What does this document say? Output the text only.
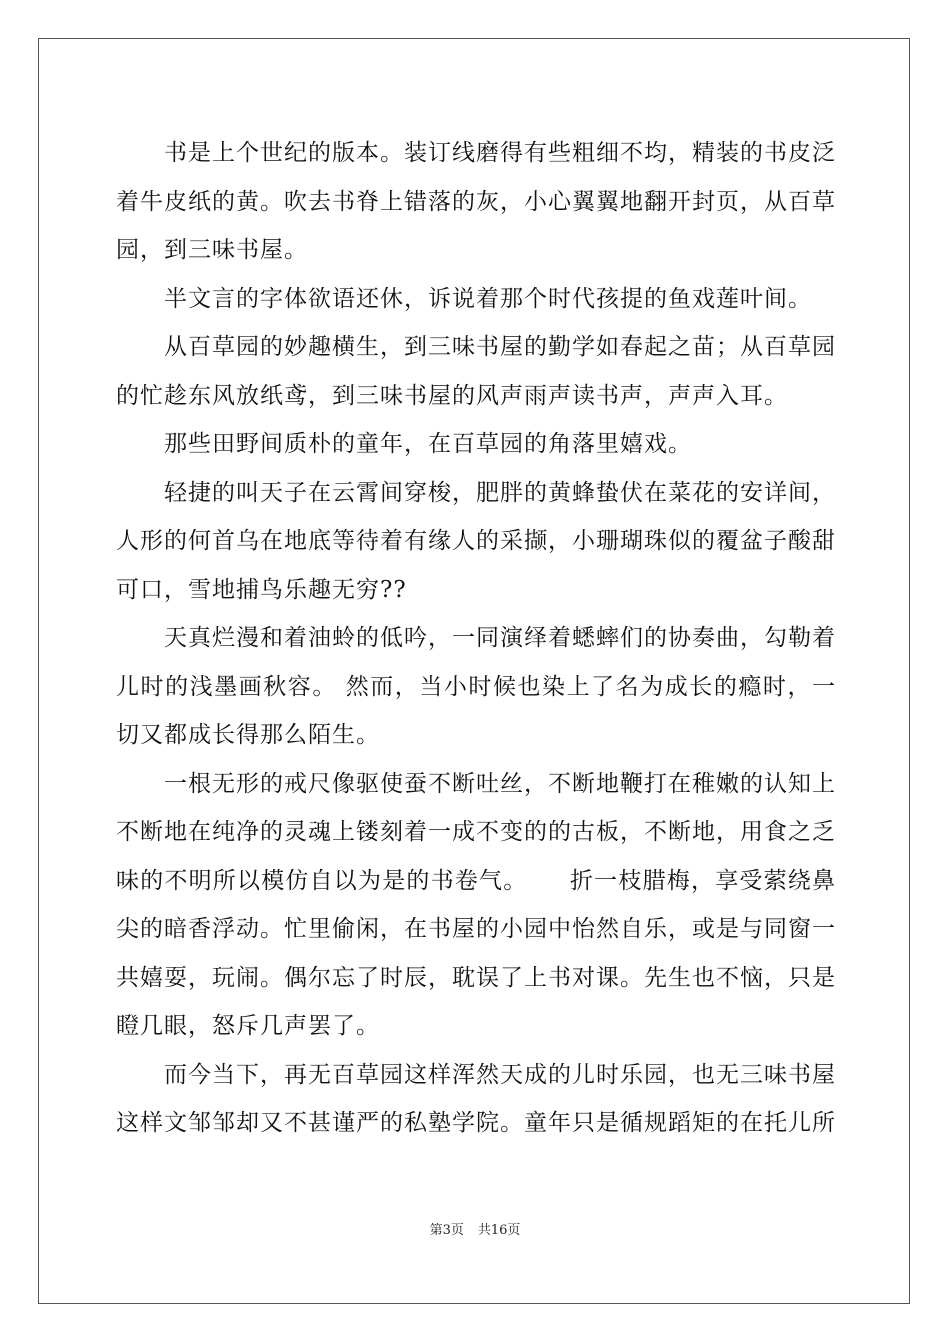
书是上个世纪的版本。装订线磨得有些粗细不均，精装的书皮泛着牛皮纸的黄。吹去书脊上错落的灰，小心翼翼地翻开封页，从百草园，到三味书屋。

半文言的字体欲语还休，诉说着那个时代孩提的鱼戏莲叶间。

从百草园的妙趣横生，到三味书屋的勤学如春起之苗；从百草园的忙趁东风放纸鸢，到三味书屋的风声雨声读书声，声声入耳。

那些田野间质朴的童年，在百草园的角落里嬉戏。

轻捷的叫天子在云霄间穿梭，肥胖的黄蜂蛰伏在菜花的安详间，人形的何首乌在地底等待着有缘人的采撷，小珊瑚珠似的覆盆子酸甜可口，雪地捕鸟乐趣无穷??

天真烂漫和着油蛉的低吟，一同演绎着蟋蟀们的协奏曲，勾勒着儿时的浅墨画秋容。 然而，当小时候也染上了名为成长的瘾时，一切又都成长得那么陌生。

一根无形的戒尺像驱使蚕不断吐丝，不断地鞭打在稚嫩的认知上不断地在纯净的灵魂上镂刻着一成不变的的古板，不断地，用食之乏味的不明所以模仿自以为是的书卷气。     折一枝腊梅，享受萦绕鼻尖的暗香浮动。忙里偷闲，在书屋的小园中怡然自乐，或是与同窗一共嬉耍，玩闹。偶尔忘了时辰，耽误了上书对课。先生也不恼，只是瞪几眼，怒斥几声罢了。

而今当下，再无百草园这样浑然天成的儿时乐园，也无三味书屋这样文邹邹却又不甚谨严的私塾学院。童年只是循规蹈矩的在托儿所

第3页 共16页
